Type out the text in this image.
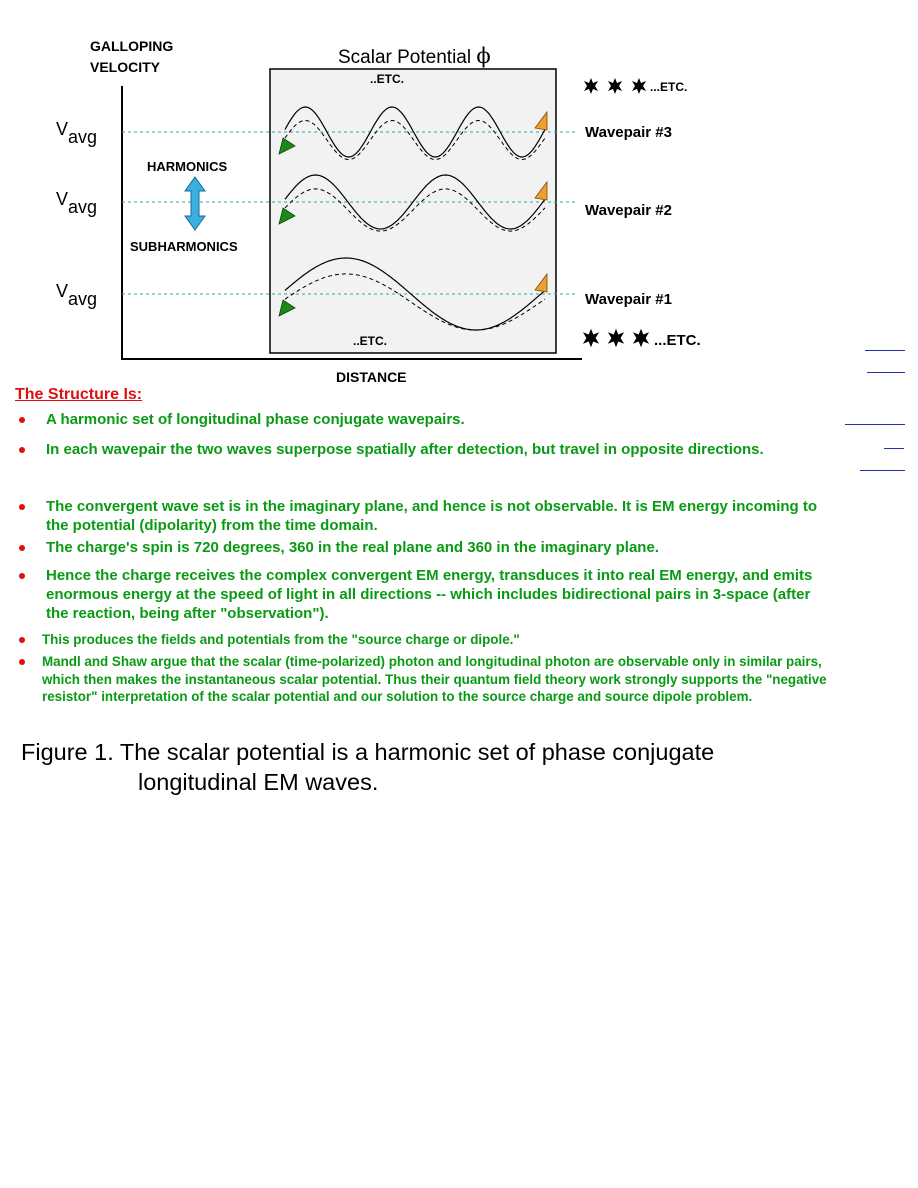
GALLOPING
VELOCITY
DISTANCE
Scalar Potential ϕ
..ETC.
..ETC.
V avg
V avg
V avg
HARMONICS
SUBHARMONICS
Wavepair #3
Wavepair #2
Wavepair #1
...ETC.
...ETC.
The Structure Is:
A harmonic set of longitudinal phase conjugate wavepairs.
In each wavepair the two waves superpose spatially after detection, but travel in opposite directions.
The convergent wave set is in the imaginary plane, and hence is not observable. It is EM energy incoming to the potential (dipolarity) from the time domain.
The charge's spin is 720 degrees, 360 in the real plane and 360 in the imaginary plane.
Hence the charge receives the complex convergent EM energy, transduces it into real EM energy, and emits enormous energy at the speed of light in all directions -- which includes bidirectional pairs in 3-space (after the reaction, being after "observation").
This produces the fields and potentials from the "source charge or dipole."
Mandl and Shaw argue that the scalar (time-polarized) photon and longitudinal photon are observable only in similar pairs, which then makes the instantaneous scalar potential. Thus their quantum field theory work strongly supports the "negative resistor" interpretation of the scalar potential and our solution to the source charge and source dipole problem.

Figure 1. The scalar potential is a harmonic set of phase conjugate
longitudinal EM waves.
